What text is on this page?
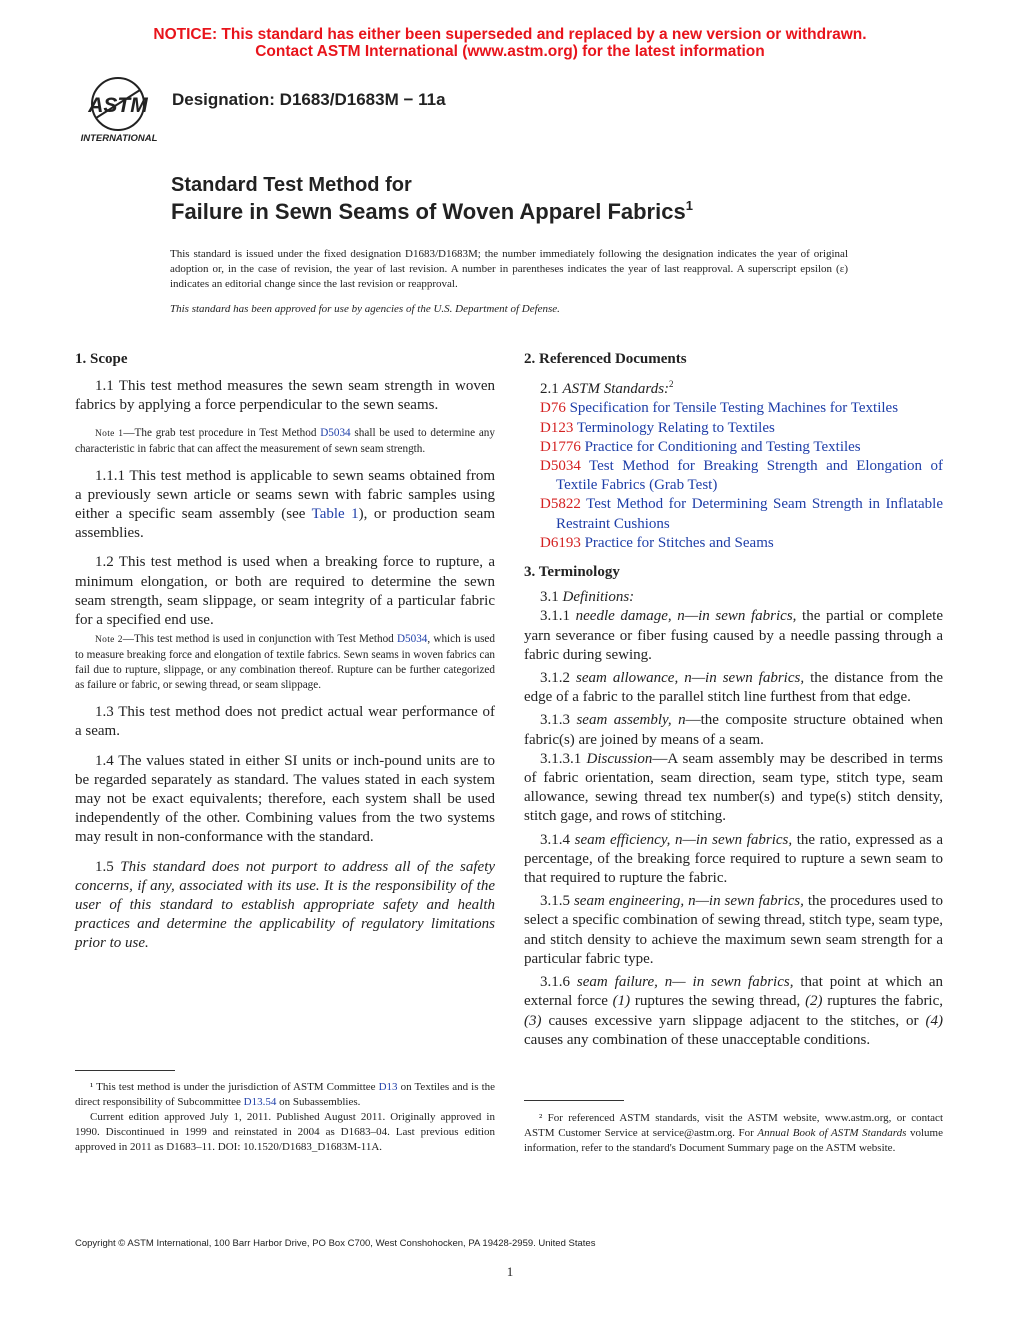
NOTICE: This standard has either been superseded and replaced by a new version or withdrawn.
Contact ASTM International (www.astm.org) for the latest information
ASTM
INTERNATIONAL
Designation: D1683/D1683M − 11a
Standard Test Method for
Failure in Sewn Seams of Woven Apparel Fabrics$^1$
This standard is issued under the fixed designation D1683/D1683M; the number immediately following the designation indicates the year of original adoption or, in the case of revision, the year of last revision. A number in parentheses indicates the year of last reapproval. A superscript epsilon (ε) indicates an editorial change since the last revision or reapproval.
This standard has been approved for use by agencies of the U.S. Department of Defense.
1. Scope
1.1 This test method measures the sewn seam strength in woven fabrics by applying a force perpendicular to the sewn seams.
Note 1—The grab test procedure in Test Method D5034 shall be used to determine any characteristic in fabric that can affect the measurement of sewn seam strength.
1.1.1 This test method is applicable to sewn seams obtained from a previously sewn article or seams sewn with fabric samples using either a specific seam assembly (see Table 1), or production seam assemblies.
1.2 This test method is used when a breaking force to rupture, a minimum elongation, or both are required to determine the sewn seam strength, seam slippage, or seam integrity of a particular fabric for a specified end use.
Note 2—This test method is used in conjunction with Test Method D5034, which is used to measure breaking force and elongation of textile fabrics. Sewn seams in woven fabrics can fail due to rupture, slippage, or any combination thereof. Rupture can be further categorized as failure or fabric, or sewing thread, or seam slippage.
1.3 This test method does not predict actual wear performance of a seam.
1.4 The values stated in either SI units or inch-pound units are to be regarded separately as standard. The values stated in each system may not be exact equivalents; therefore, each system shall be used independently of the other. Combining values from the two systems may result in non-conformance with the standard.
1.5 This standard does not purport to address all of the safety concerns, if any, associated with its use. It is the responsibility of the user of this standard to establish appropriate safety and health practices and determine the applicability of regulatory limitations prior to use.
¹ This test method is under the jurisdiction of ASTM Committee D13 on Textiles and is the direct responsibility of Subcommittee D13.54 on Subassemblies.
Current edition approved July 1, 2011. Published August 2011. Originally approved in 1990. Discontinued in 1999 and reinstated in 2004 as D1683–04. Last previous edition approved in 2011 as D1683–11. DOI: 10.1520/D1683_D1683M-11A.
2. Referenced Documents
2.1 ASTM Standards:$^2$
D76 Specification for Tensile Testing Machines for Textiles
D123 Terminology Relating to Textiles
D1776 Practice for Conditioning and Testing Textiles
D5034 Test Method for Breaking Strength and Elongation of Textile Fabrics (Grab Test)
D5822 Test Method for Determining Seam Strength in Inflatable Restraint Cushions
D6193 Practice for Stitches and Seams
3. Terminology
3.1 Definitions:
3.1.1 needle damage, n—in sewn fabrics, the partial or complete yarn severance or fiber fusing caused by a needle passing through a fabric during sewing.
3.1.2 seam allowance, n—in sewn fabrics, the distance from the edge of a fabric to the parallel stitch line furthest from that edge.
3.1.3 seam assembly, n—the composite structure obtained when fabric(s) are joined by means of a seam.
3.1.3.1 Discussion—A seam assembly may be described in terms of fabric orientation, seam direction, seam type, stitch type, seam allowance, sewing thread tex number(s) and type(s) stitch density, stitch gage, and rows of stitching.
3.1.4 seam efficiency, n—in sewn fabrics, the ratio, expressed as a percentage, of the breaking force required to rupture a sewn seam to that required to rupture the fabric.
3.1.5 seam engineering, n—in sewn fabrics, the procedures used to select a specific combination of sewing thread, stitch type, seam type, and stitch density to achieve the maximum sewn seam strength for a particular fabric type.
3.1.6 seam failure, n— in sewn fabrics, that point at which an external force (1) ruptures the sewing thread, (2) ruptures the fabric, (3) causes excessive yarn slippage adjacent to the stitches, or (4) causes any combination of these unacceptable conditions.
² For referenced ASTM standards, visit the ASTM website, www.astm.org, or contact ASTM Customer Service at service@astm.org. For Annual Book of ASTM Standards volume information, refer to the standard's Document Summary page on the ASTM website.
Copyright © ASTM International, 100 Barr Harbor Drive, PO Box C700, West Conshohocken, PA 19428-2959. United States
1
